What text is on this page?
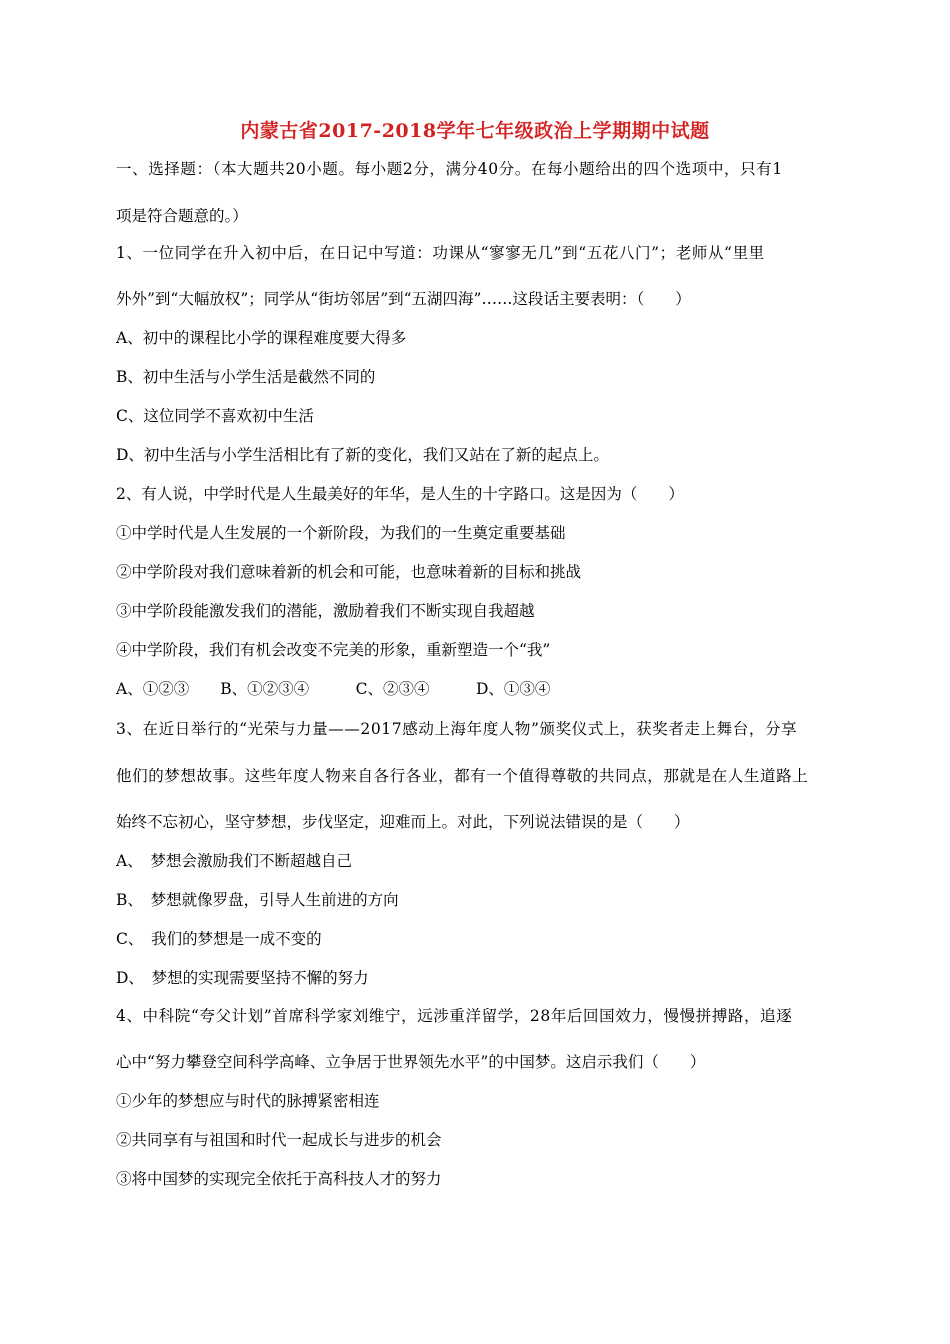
内蒙古省2017-2018学年七年级政治上学期期中试题
一、选择题：（本大题共20小题。每小题2分，满分40分。在每小题给出的四个选项中，只有1
项是符合题意的。）
1、一位同学在升入初中后，在日记中写道：功课从“寥寥无几”到“五花八门”；老师从“里里
外外”到“大幅放权”；同学从“街坊邻居”到“五湖四海”……这段话主要表明：（　　）
A、初中的课程比小学的课程难度要大得多
B、初中生活与小学生活是截然不同的
C、这位同学不喜欢初中生活
D、初中生活与小学生活相比有了新的变化，我们又站在了新的起点上。
2、有人说，中学时代是人生最美好的年华，是人生的十字路口。这是因为（　　）
①中学时代是人生发展的一个新阶段，为我们的一生奠定重要基础
②中学阶段对我们意味着新的机会和可能，也意味着新的目标和挑战
③中学阶段能激发我们的潜能，激励着我们不断实现自我超越
④中学阶段，我们有机会改变不完美的形象，重新塑造一个“我”
A、①②③　　B、①②③④　　　C、②③④　　　D、①③④
3、在近日举行的“光荣与力量——2017感动上海年度人物”颁奖仪式上，获奖者走上舞台，分享
他们的梦想故事。这些年度人物来自各行各业，都有一个值得尊敬的共同点，那就是在人生道路上
始终不忘初心，坚守梦想，步伐坚定，迎难而上。对此，下列说法错误的是（　　）
A、　梦想会激励我们不断超越自己
B、　梦想就像罗盘，引导人生前进的方向
C、　我们的梦想是一成不变的
D、　梦想的实现需要坚持不懈的努力
4、中科院“夸父计划”首席科学家刘维宁，远涉重洋留学，28年后回国效力，慢慢拼搏路，追逐
心中“努力攀登空间科学高峰、立争居于世界领先水平”的中国梦。这启示我们（　　）
①少年的梦想应与时代的脉搏紧密相连
②共同享有与祖国和时代一起成长与进步的机会
③将中国梦的实现完全依托于高科技人才的努力
